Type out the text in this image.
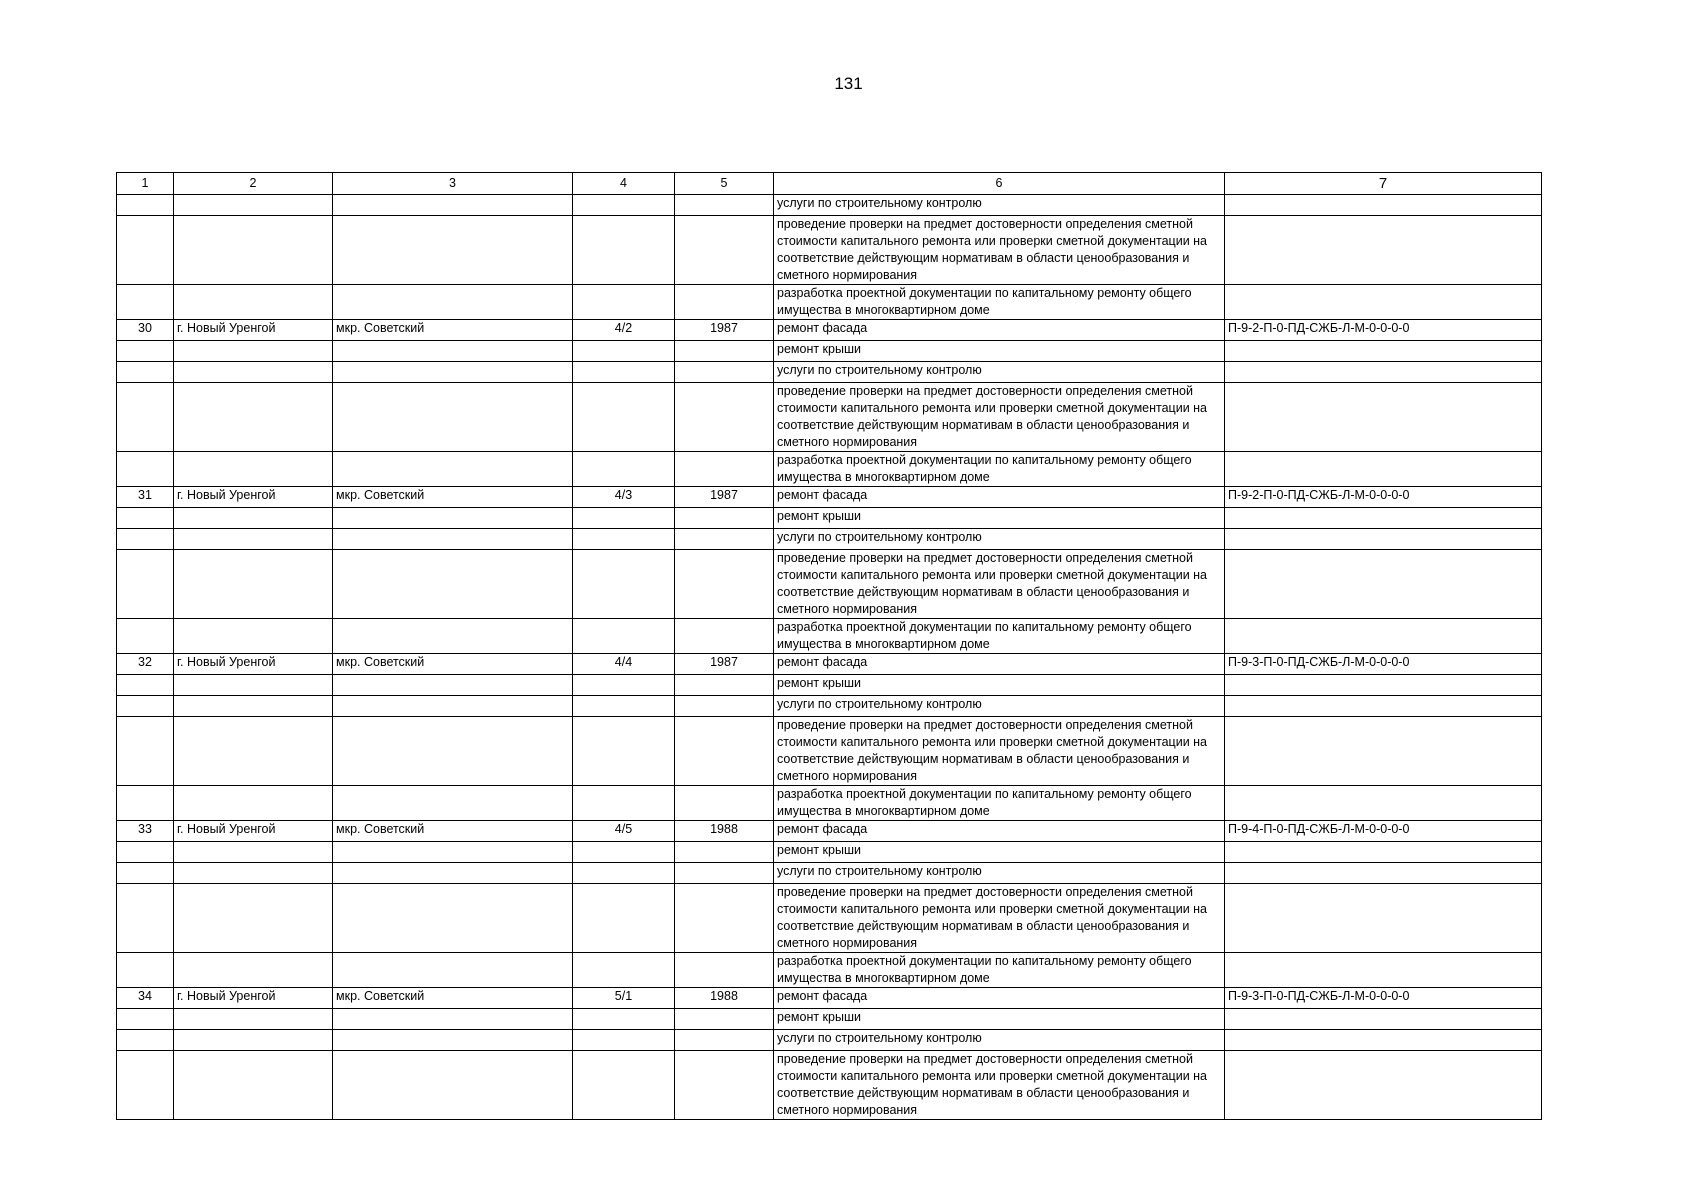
131
1	2	3	4	5	6	7
					услуги по строительному контролю	
					проведение проверки на предмет достоверности определения сметной стоимости капитального ремонта или проверки сметной документации на соответствие действующим нормативам в области ценообразования и сметного нормирования	
					разработка проектной документации по капитальному ремонту общего имущества в многоквартирном доме	
30	г. Новый Уренгой	мкр. Советский	4/2	1987	ремонт фасада	П-9-2-П-0-ПД-СЖБ-Л-М-0-0-0-0
					ремонт крыши	
					услуги по строительному контролю	
					проведение проверки на предмет достоверности определения сметной стоимости капитального ремонта или проверки сметной документации на соответствие действующим нормативам в области ценообразования и сметного нормирования	
					разработка проектной документации по капитальному ремонту общего имущества в многоквартирном доме	
31	г. Новый Уренгой	мкр. Советский	4/3	1987	ремонт фасада	П-9-2-П-0-ПД-СЖБ-Л-М-0-0-0-0
					ремонт крыши	
					услуги по строительному контролю	
					проведение проверки на предмет достоверности определения сметной стоимости капитального ремонта или проверки сметной документации на соответствие действующим нормативам в области ценообразования и сметного нормирования	
					разработка проектной документации по капитальному ремонту общего имущества в многоквартирном доме	
32	г. Новый Уренгой	мкр. Советский	4/4	1987	ремонт фасада	П-9-3-П-0-ПД-СЖБ-Л-М-0-0-0-0
					ремонт крыши	
					услуги по строительному контролю	
					проведение проверки на предмет достоверности определения сметной стоимости капитального ремонта или проверки сметной документации на соответствие действующим нормативам в области ценообразования и сметного нормирования	
					разработка проектной документации по капитальному ремонту общего имущества в многоквартирном доме	
33	г. Новый Уренгой	мкр. Советский	4/5	1988	ремонт фасада	П-9-4-П-0-ПД-СЖБ-Л-М-0-0-0-0
					ремонт крыши	
					услуги по строительному контролю	
					проведение проверки на предмет достоверности определения сметной стоимости капитального ремонта или проверки сметной документации на соответствие действующим нормативам в области ценообразования и сметного нормирования	
					разработка проектной документации по капитальному ремонту общего имущества в многоквартирном доме	
34	г. Новый Уренгой	мкр. Советский	5/1	1988	ремонт фасада	П-9-3-П-0-ПД-СЖБ-Л-М-0-0-0-0
					ремонт крыши	
					услуги по строительному контролю	
					проведение проверки на предмет достоверности определения сметной стоимости капитального ремонта или проверки сметной документации на соответствие действующим нормативам в области ценообразования и сметного нормирования	
